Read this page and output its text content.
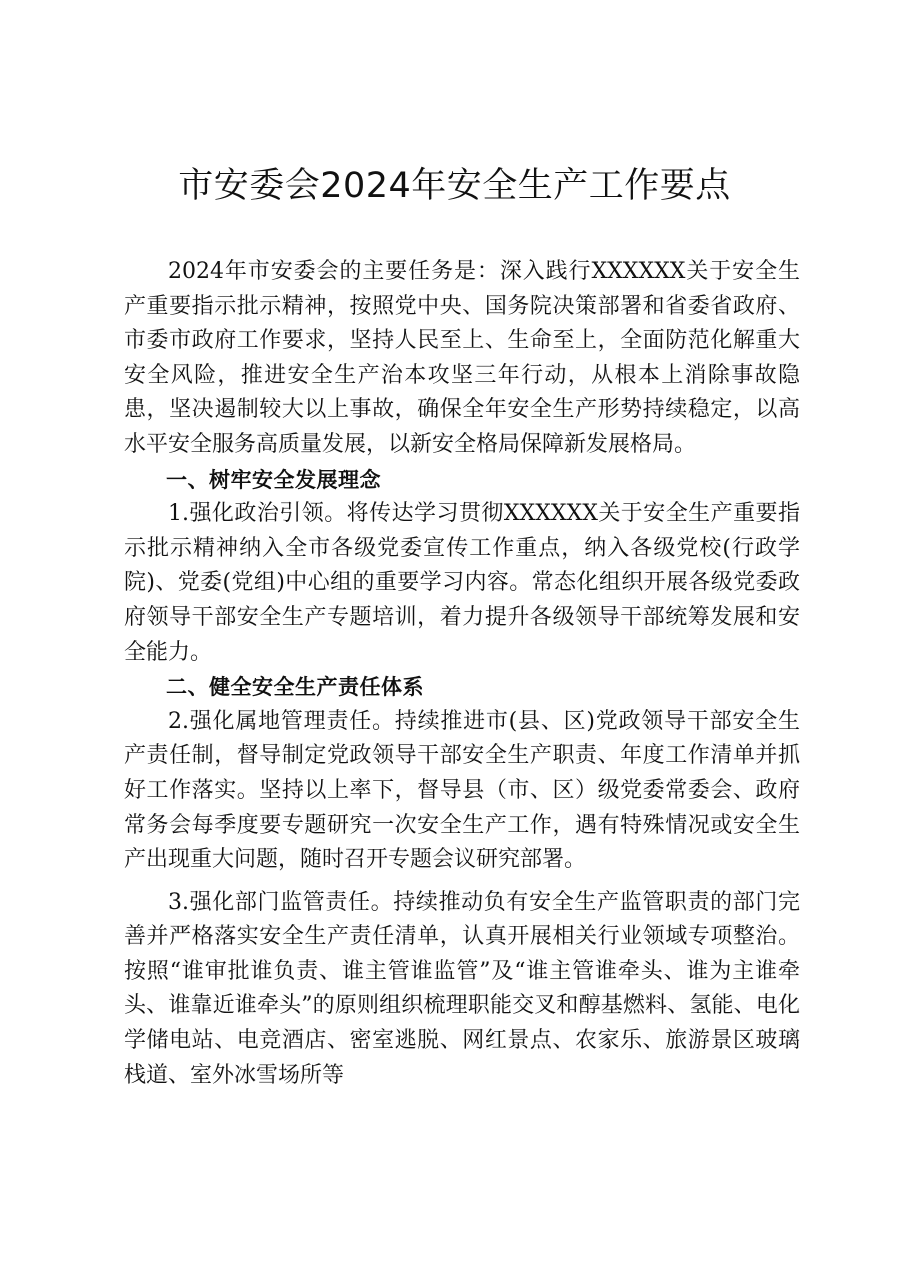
市安委会2024年安全生产工作要点

2024年市安委会的主要任务是：深入践行XXXXXX关于安全生产重要指示批示精神，按照党中央、国务院决策部署和省委省政府、市委市政府工作要求，坚持人民至上、生命至上，全面防范化解重大安全风险，推进安全生产治本攻坚三年行动，从根本上消除事故隐患，坚决遏制较大以上事故，确保全年安全生产形势持续稳定，以高水平安全服务高质量发展，以新安全格局保障新发展格局。

一、树牢安全发展理念

1.强化政治引领。将传达学习贯彻XXXXXX关于安全生产重要指示批示精神纳入全市各级党委宣传工作重点，纳入各级党校(行政学院)、党委(党组)中心组的重要学习内容。常态化组织开展各级党委政府领导干部安全生产专题培训，着力提升各级领导干部统筹发展和安全能力。

二、健全安全生产责任体系

2.强化属地管理责任。持续推进市(县、区)党政领导干部安全生产责任制，督导制定党政领导干部安全生产职责、年度工作清单并抓好工作落实。坚持以上率下，督导县（市、区）级党委常委会、政府常务会每季度要专题研究一次安全生产工作，遇有特殊情况或安全生产出现重大问题，随时召开专题会议研究部署。

3.强化部门监管责任。持续推动负有安全生产监管职责的部门完善并严格落实安全生产责任清单，认真开展相关行业领域专项整治。按照“谁审批谁负责、谁主管谁监管”及“谁主管谁牵头、谁为主谁牵头、谁靠近谁牵头”的原则组织梳理职能交叉和醇基燃料、氢能、电化学储电站、电竞酒店、密室逃脱、网红景点、农家乐、旅游景区玻璃栈道、室外冰雪场所等
